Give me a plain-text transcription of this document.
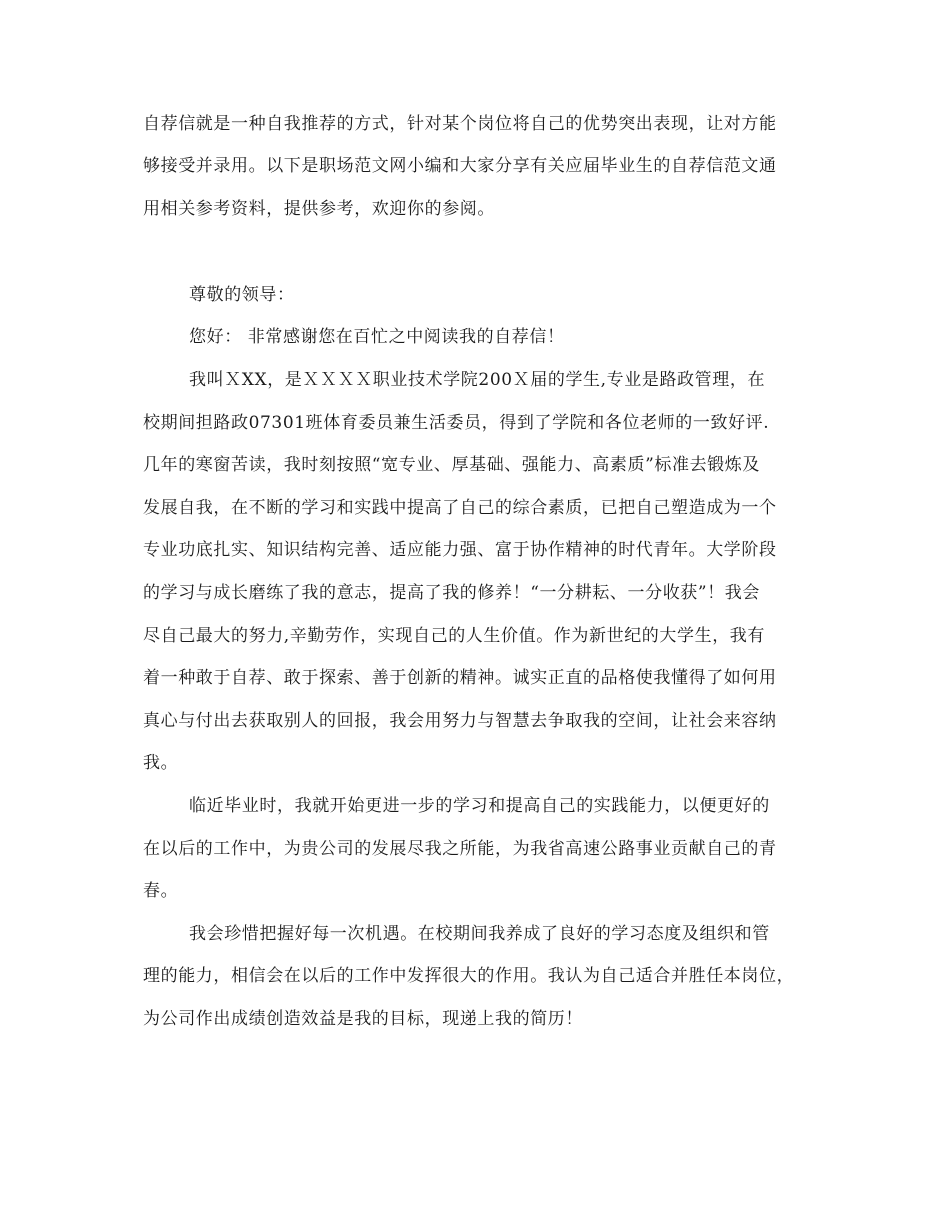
自荐信就是一种自我推荐的方式，针对某个岗位将自己的优势突出表现，让对方能
够接受并录用。以下是职场范文网小编和大家分享有关应届毕业生的自荐信范文通
用相关参考资料，提供参考，欢迎你的参阅。
尊敬的领导：
您好： 非常感谢您在百忙之中阅读我的自荐信！
我叫ＸXX，是ＸＸＸＸ职业技术学院200Ｘ届的学生,专业是路政管理，在
校期间担路政07301班体育委员兼生活委员，得到了学院和各位老师的一致好评.
几年的寒窗苦读，我时刻按照“宽专业、厚基础、强能力、高素质”标准去锻炼及
发展自我，在不断的学习和实践中提高了自己的综合素质，已把自己塑造成为一个
专业功底扎实、知识结构完善、适应能力强、富于协作精神的时代青年。大学阶段
的学习与成长磨练了我的意志，提高了我的修养！“一分耕耘、一分收获”！我会
尽自己最大的努力,辛勤劳作，实现自己的人生价值。作为新世纪的大学生，我有
着一种敢于自荐、敢于探索、善于创新的精神。诚实正直的品格使我懂得了如何用
真心与付出去获取别人的回报，我会用努力与智慧去争取我的空间，让社会来容纳
我。
临近毕业时，我就开始更进一步的学习和提高自己的实践能力，以便更好的
在以后的工作中，为贵公司的发展尽我之所能，为我省高速公路事业贡献自己的青
春。
我会珍惜把握好每一次机遇。在校期间我养成了良好的学习态度及组织和管
理的能力，相信会在以后的工作中发挥很大的作用。我认为自己适合并胜任本岗位，
为公司作出成绩创造效益是我的目标，现递上我的简历！
